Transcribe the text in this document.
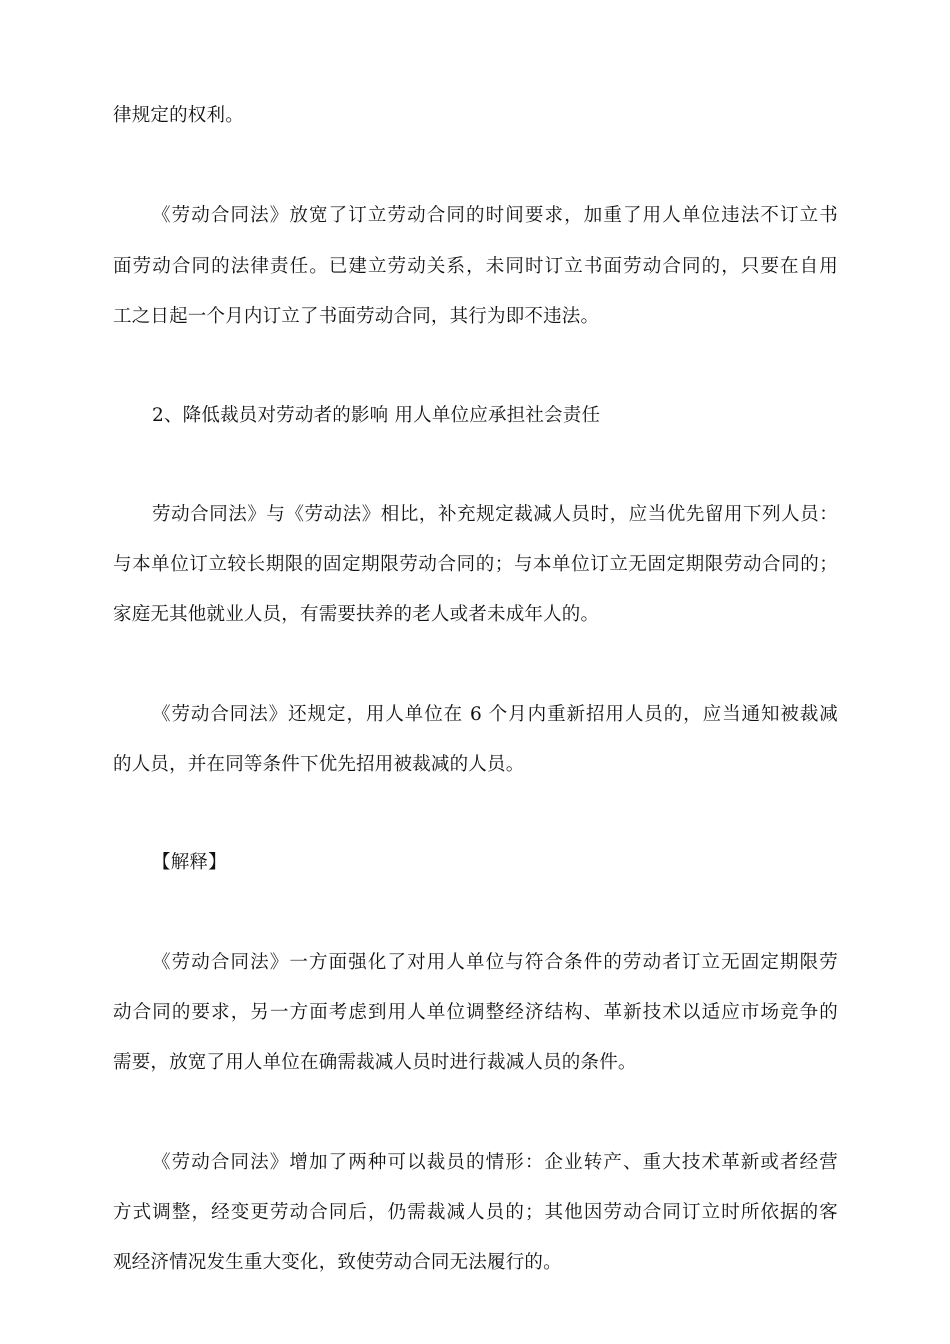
律规定的权利。
《劳动合同法》放宽了订立劳动合同的时间要求，加重了用人单位违法不订立书
面劳动合同的法律责任。已建立劳动关系，未同时订立书面劳动合同的，只要在自用
工之日起一个月内订立了书面劳动合同，其行为即不违法。
2、降低裁员对劳动者的影响 用人单位应承担社会责任
劳动合同法》与《劳动法》相比，补充规定裁减人员时，应当优先留用下列人员：
与本单位订立较长期限的固定期限劳动合同的；与本单位订立无固定期限劳动合同的；
家庭无其他就业人员，有需要扶养的老人或者未成年人的。
《劳动合同法》还规定，用人单位在 6 个月内重新招用人员的，应当通知被裁减
的人员，并在同等条件下优先招用被裁减的人员。
【解释】
《劳动合同法》一方面强化了对用人单位与符合条件的劳动者订立无固定期限劳
动合同的要求，另一方面考虑到用人单位调整经济结构、革新技术以适应市场竞争的
需要，放宽了用人单位在确需裁减人员时进行裁减人员的条件。
《劳动合同法》增加了两种可以裁员的情形：企业转产、重大技术革新或者经营
方式调整，经变更劳动合同后，仍需裁减人员的；其他因劳动合同订立时所依据的客
观经济情况发生重大变化，致使劳动合同无法履行的。
